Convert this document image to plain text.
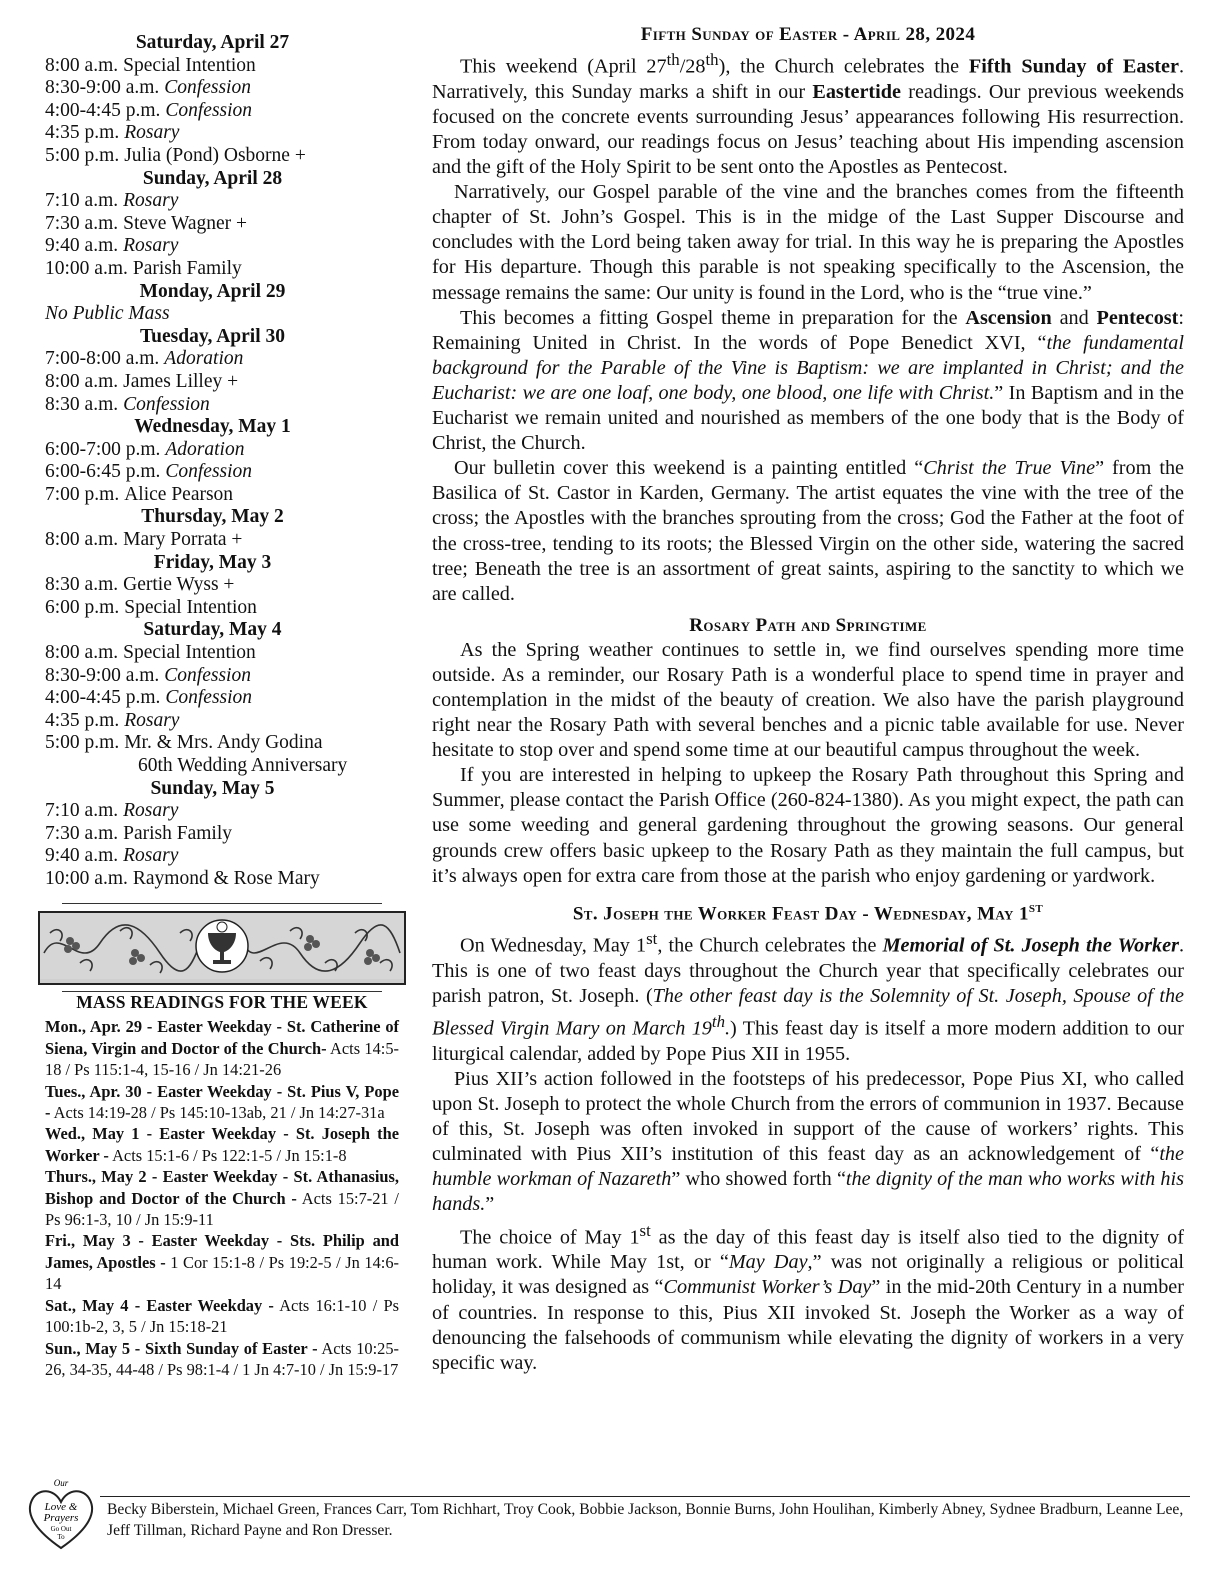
Saturday, April 27
8:00 a.m. Special Intention
8:30-9:00 a.m. Confession
4:00-4:45 p.m. Confession
4:35 p.m. Rosary
5:00 p.m. Julia (Pond) Osborne +
Sunday, April 28
7:10 a.m. Rosary
7:30 a.m. Steve Wagner +
9:40 a.m. Rosary
10:00 a.m. Parish Family
Monday, April 29
No Public Mass
Tuesday, April 30
7:00-8:00 a.m. Adoration
8:00 a.m. James Lilley +
8:30 a.m. Confession
Wednesday, May 1
6:00-7:00 p.m. Adoration
6:00-6:45 p.m. Confession
7:00 p.m. Alice Pearson
Thursday, May 2
8:00 a.m. Mary Porrata +
Friday, May 3
8:30 a.m. Gertie Wyss +
6:00 p.m. Special Intention
Saturday, May 4
8:00 a.m. Special Intention
8:30-9:00 a.m. Confession
4:00-4:45 p.m. Confession
4:35 p.m. Rosary
5:00 p.m. Mr. & Mrs. Andy Godina
60th Wedding Anniversary
Sunday, May 5
7:10 a.m. Rosary
7:30 a.m. Parish Family
9:40 a.m. Rosary
10:00 a.m. Raymond & Rose Mary
MASS READINGS FOR THE WEEK
Mon., Apr. 29 - Easter Weekday - St. Catherine of Siena, Virgin and Doctor of the Church- Acts 14:5-18 / Ps 115:1-4, 15-16 / Jn 14:21-26
Tues., Apr. 30 - Easter Weekday - St. Pius V, Pope - Acts 14:19-28 / Ps 145:10-13ab, 21 / Jn 14:27-31a
Wed., May 1 - Easter Weekday - St. Joseph the Worker - Acts 15:1-6 / Ps 122:1-5 / Jn 15:1-8
Thurs., May 2 - Easter Weekday - St. Athanasius, Bishop and Doctor of the Church - Acts 15:7-21 / Ps 96:1-3, 10 / Jn 15:9-11
Fri., May 3 - Easter Weekday - Sts. Philip and James, Apostles - 1 Cor 15:1-8 / Ps 19:2-5 / Jn 14:6-14
Sat., May 4 - Easter Weekday - Acts 16:1-10 / Ps 100:1b-2, 3, 5 / Jn 15:18-21
Sun., May 5 - Sixth Sunday of Easter - Acts 10:25-26, 34-35, 44-48 / Ps 98:1-4 / 1 Jn 4:7-10 / Jn 15:9-17
Fifth Sunday of Easter - April 28, 2024

This weekend (April 27th/28th), the Church celebrates the Fifth Sunday of Easter. Narratively, this Sunday marks a shift in our Eastertide readings. Our previous weekends focused on the concrete events surrounding Jesus’ appearances following His resurrection. From today onward, our readings focus on Jesus’ teaching about His impending ascension and the gift of the Holy Spirit to be sent onto the Apostles as Pentecost.

Narratively, our Gospel parable of the vine and the branches comes from the fifteenth chapter of St. John’s Gospel. This is in the midge of the Last Supper Discourse and concludes with the Lord being taken away for trial. In this way he is preparing the Apostles for His departure. Though this parable is not speaking specifically to the Ascension, the message remains the same: Our unity is found in the Lord, who is the “true vine.”

This becomes a fitting Gospel theme in preparation for the Ascension and Pentecost: Remaining United in Christ. In the words of Pope Benedict XVI, “the fundamental background for the Parable of the Vine is Baptism: we are implanted in Christ; and the Eucharist: we are one loaf, one body, one blood, one life with Christ.” In Baptism and in the Eucharist we remain united and nourished as members of the one body that is the Body of Christ, the Church.

Our bulletin cover this weekend is a painting entitled “Christ the True Vine” from the Basilica of St. Castor in Karden, Germany. The artist equates the vine with the tree of the cross; the Apostles with the branches sprouting from the cross; God the Father at the foot of the cross-tree, tending to its roots; the Blessed Virgin on the other side, watering the sacred tree; Beneath the tree is an assortment of great saints, aspiring to the sanctity to which we are called.

Rosary Path and Springtime

As the Spring weather continues to settle in, we find ourselves spending more time outside. As a reminder, our Rosary Path is a wonderful place to spend time in prayer and contemplation in the midst of the beauty of creation. We also have the parish playground right near the Rosary Path with several benches and a picnic table available for use. Never hesitate to stop over and spend some time at our beautiful campus throughout the week.

If you are interested in helping to upkeep the Rosary Path throughout this Spring and Summer, please contact the Parish Office (260-824-1380). As you might expect, the path can use some weeding and general gardening throughout the growing seasons. Our general grounds crew offers basic upkeep to the Rosary Path as they maintain the full campus, but it’s always open for extra care from those at the parish who enjoy gardening or yardwork.

St. Joseph the Worker Feast Day - Wednesday, May 1st

On Wednesday, May 1st, the Church celebrates the Memorial of St. Joseph the Worker. This is one of two feast days throughout the Church year that specifically celebrates our parish patron, St. Joseph. (The other feast day is the Solemnity of St. Joseph, Spouse of the Blessed Virgin Mary on March 19th.) This feast day is itself a more modern addition to our liturgical calendar, added by Pope Pius XII in 1955.

Pius XII’s action followed in the footsteps of his predecessor, Pope Pius XI, who called upon St. Joseph to protect the whole Church from the errors of communion in 1937. Because of this, St. Joseph was often invoked in support of the cause of workers’ rights. This culminated with Pius XII’s institution of this feast day as an acknowledgement of “the humble workman of Nazareth” who showed forth “the dignity of the man who works with his hands.”

The choice of May 1st as the day of this feast day is itself also tied to the dignity of human work. While May 1st, or “May Day,” was not originally a religious or political holiday, it was designed as “Communist Worker’s Day” in the mid-20th Century in a number of countries. In response to this, Pius XII invoked St. Joseph the Worker as a way of denouncing the falsehoods of communism while elevating the dignity of workers in a very specific way.

Our
Love &
Prayers
Go Out
To
Becky Biberstein, Michael Green, Frances Carr, Tom Richhart, Troy Cook, Bobbie Jackson, Bonnie Burns, John Houlihan, Kimberly Abney, Sydnee Bradburn, Leanne Lee, Jeff Tillman, Richard Payne and Ron Dresser.
